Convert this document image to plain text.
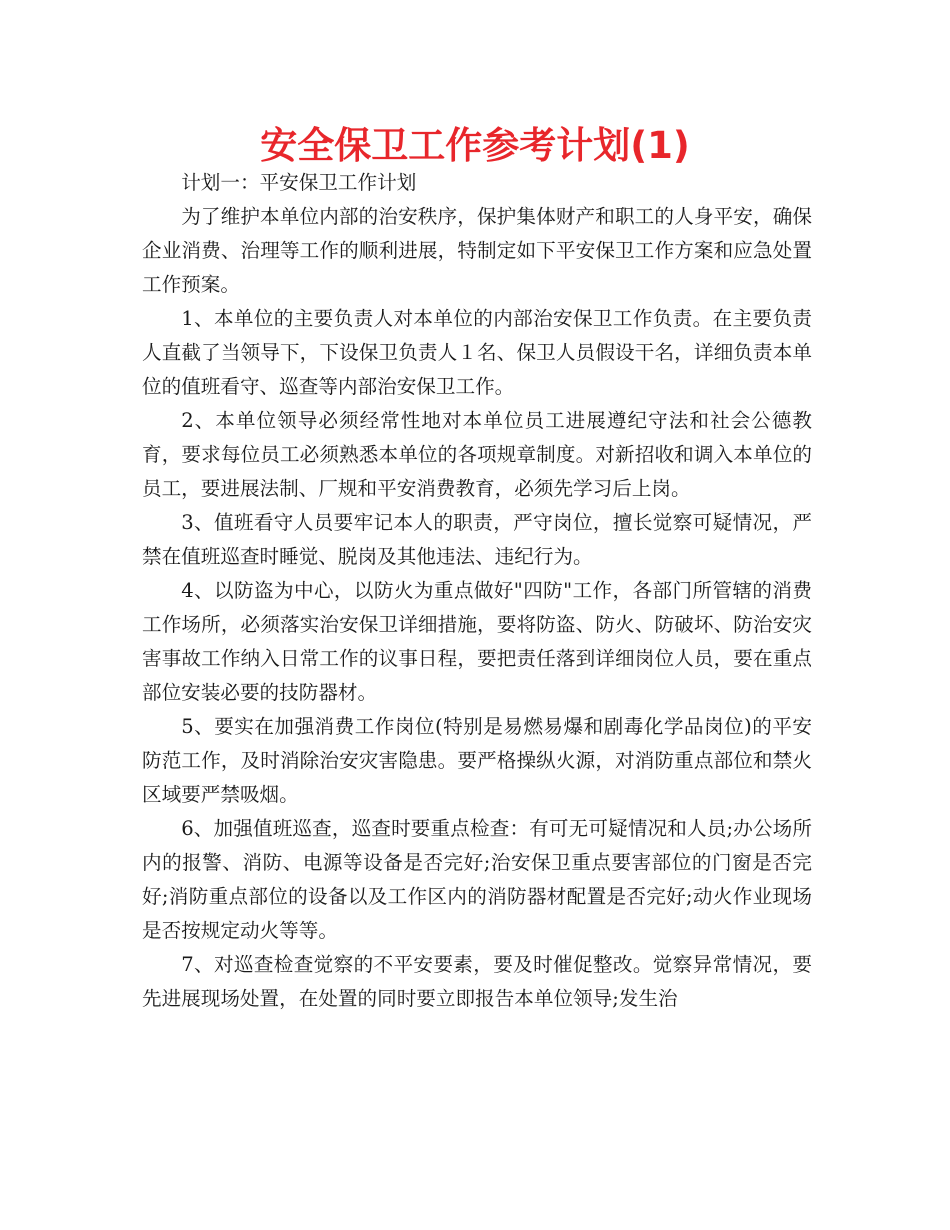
安全保卫工作参考计划(1)

计划一：平安保卫工作计划

为了维护本单位内部的治安秩序，保护集体财产和职工的人身平安，确保企业消费、治理等工作的顺利进展，特制定如下平安保卫工作方案和应急处置工作预案。

1、本单位的主要负责人对本单位的内部治安保卫工作负责。在主要负责人直截了当领导下，下设保卫负责人１名、保卫人员假设干名，详细负责本单位的值班看守、巡查等内部治安保卫工作。

2、本单位领导必须经常性地对本单位员工进展遵纪守法和社会公德教育，要求每位员工必须熟悉本单位的各项规章制度。对新招收和调入本单位的员工，要进展法制、厂规和平安消费教育，必须先学习后上岗。

3、值班看守人员要牢记本人的职责，严守岗位，擅长觉察可疑情况，严禁在值班巡查时睡觉、脱岗及其他违法、违纪行为。

4、以防盗为中心，以防火为重点做好"四防"工作，各部门所管辖的消费工作场所，必须落实治安保卫详细措施，要将防盗、防火、防破坏、防治安灾害事故工作纳入日常工作的议事日程，要把责任落到详细岗位人员，要在重点部位安装必要的技防器材。

5、要实在加强消费工作岗位(特别是易燃易爆和剧毒化学品岗位)的平安防范工作，及时消除治安灾害隐患。要严格操纵火源，对消防重点部位和禁火区域要严禁吸烟。

6、加强值班巡查，巡查时要重点检查：有可无可疑情况和人员;办公场所内的报警、消防、电源等设备是否完好;治安保卫重点要害部位的门窗是否完好;消防重点部位的设备以及工作区内的消防器材配置是否完好;动火作业现场是否按规定动火等等。

7、对巡查检查觉察的不平安要素，要及时催促整改。觉察异常情况，要先进展现场处置，在处置的同时要立即报告本单位领导;发生治
